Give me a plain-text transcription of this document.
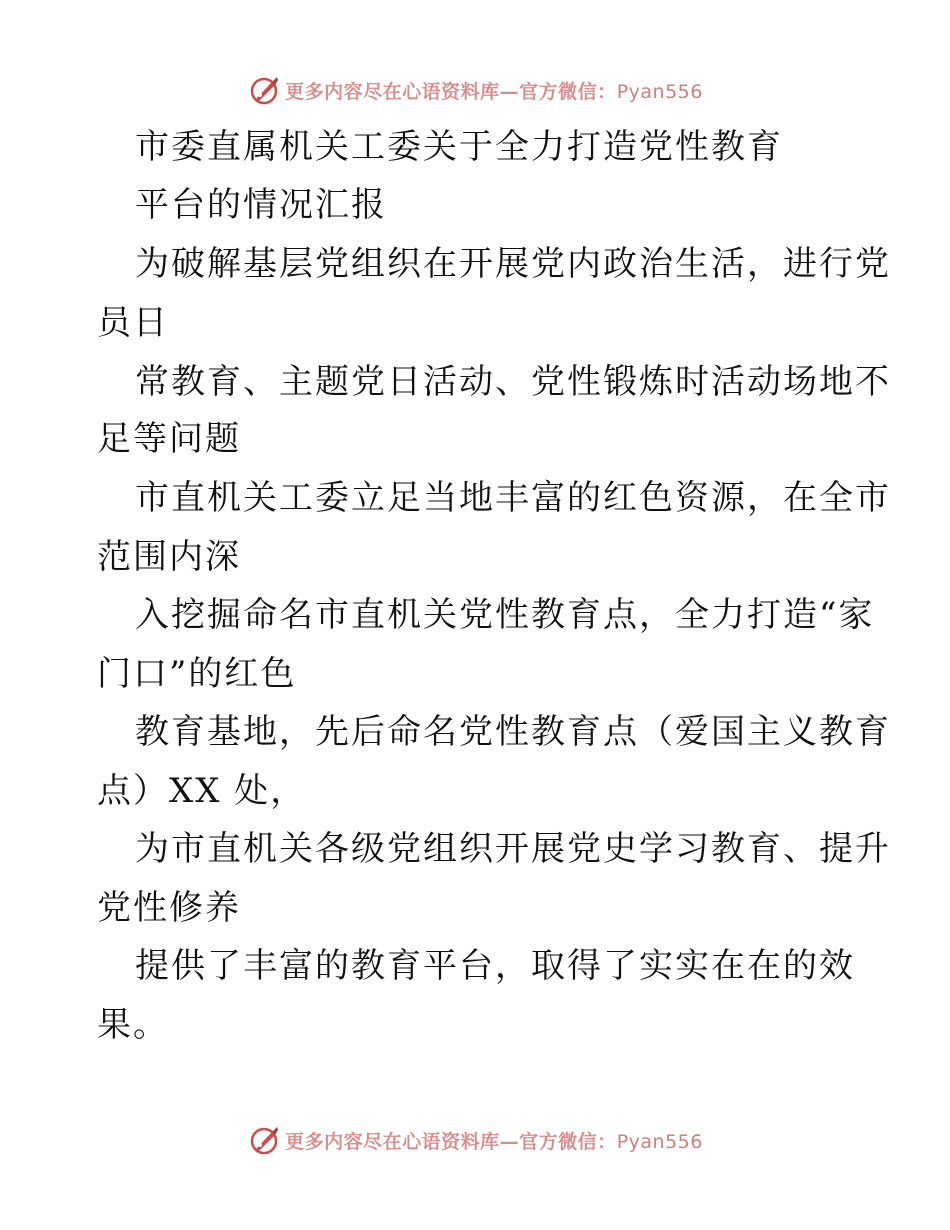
更多内容尽在心语资料库—官方微信：Pyan556
市委直属机关工委关于全力打造党性教育
平台的情况汇报
为破解基层党组织在开展党内政治生活，进行党
员日
常教育、主题党日活动、党性锻炼时活动场地不
足等问题
市直机关工委立足当地丰富的红色资源，在全市
范围内深
入挖掘命名市直机关党性教育点，全力打造“家
门口”的红色
教育基地，先后命名党性教育点（爱国主义教育
点）XX 处，
为市直机关各级党组织开展党史学习教育、提升
党性修养
提供了丰富的教育平台，取得了实实在在的效
果。
更多内容尽在心语资料库—官方微信：Pyan556
